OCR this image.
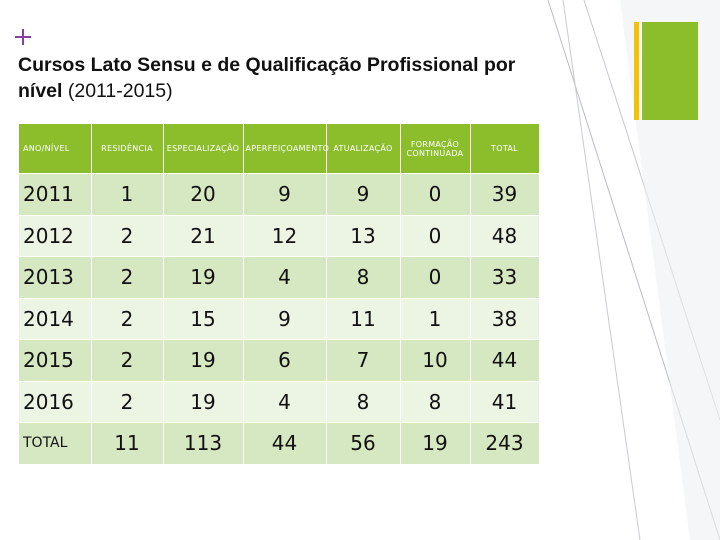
Cursos Lato Sensu e de Qualificação Profissional por nível (2011-2015)
ANO/NÍVEL	RESIDÊNCIA	ESPECIALIZAÇÃO	APERFEIÇOAMENTO	ATUALIZAÇÃO	FORMAÇÃO CONTINUADA	TOTAL
2011	1	20	9	9	0	39
2012	2	21	12	13	0	48
2013	2	19	4	8	0	33
2014	2	15	9	11	1	38
2015	2	19	6	7	10	44
2016	2	19	4	8	8	41
TOTAL	11	113	44	56	19	243
